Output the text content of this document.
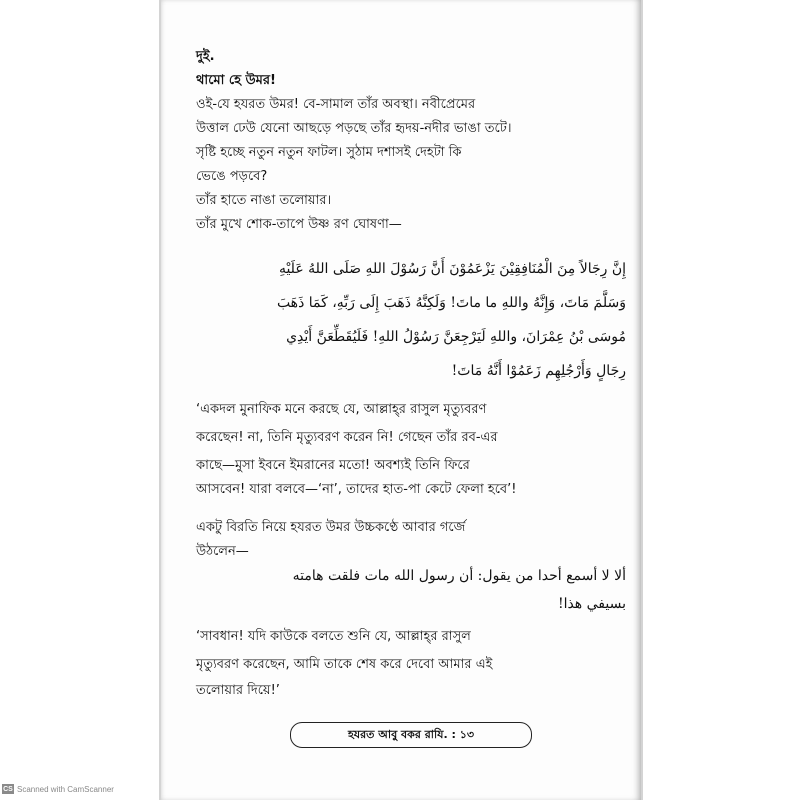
দুই.
থামো হে উমর!
ওই-যে হযরত উমর! বে-সামাল তাঁর অবস্থা। নবীপ্রেমের
উত্তাল ঢেউ যেনো আছড়ে পড়ছে তাঁর হৃদয়-নদীর ভাঙা তটে।
সৃষ্টি হচ্ছে নতুন নতুন ফাটল। সুঠাম দশাসই দেহটা কি
ভেঙে পড়বে?
তাঁর হাতে নাঙা তলোয়ার।
তাঁর মুখে শোক-তাপে উষ্ণ রণ ঘোষণা—
إِنَّ رِجَالاً مِنَ الْمُنَافِقِيْنَ يَزْعَمُوْنَ أَنَّ رَسُوْلَ اللهِ صَلَى اللهُ عَلَيْهِ
وَسَلَّمَ مَاتَ، وَإِنَّهُ واللهِ ما ماتَ! وَلَكِنَّهُ ذَهَبَ إِلَى رَبِّهِ، كَمَا ذَهَبَ
مُوسَى بْنُ عِمْرَانَ، واللهِ لَيَرْجِعَنَّ رَسُوْلُ اللهِ! فَلَيُقَطِّعَنَّ أَيْدِي
رِجَالٍ وَأَرْجُلِهِم زَعَمُوْا أَنَّهُ مَاتَ!
‘একদল মুনাফিক মনে করছে যে, আল্লাহ্‌র রাসুল মৃত্যুবরণ
করেছেন! না, তিনি মৃত্যুবরণ করেন নি! গেছেন তাঁর রব-এর
কাছে—মুসা ইবনে ইমরানের মতো! অবশ্যই তিনি ফিরে
আসবেন! যারা বলবে—‘না’, তাদের হাত-পা কেটে ফেলা হবে’!
একটু বিরতি নিয়ে হযরত উমর উচ্চকণ্ঠে আবার গর্জে
উঠলেন—
ألا لا أسمع أحدا من يقول: أن رسول الله مات فلقت هامته
بسيفي هذا!
‘সাবধান! যদি কাউকে বলতে শুনি যে, আল্লাহ্‌র রাসুল
মৃত্যুবরণ করেছেন, আমি তাকে শেষ করে দেবো আমার এই
তলোয়ার দিয়ে!’
হযরত আবু বকর রাযি. : ১৩
CS Scanned with CamScanner
